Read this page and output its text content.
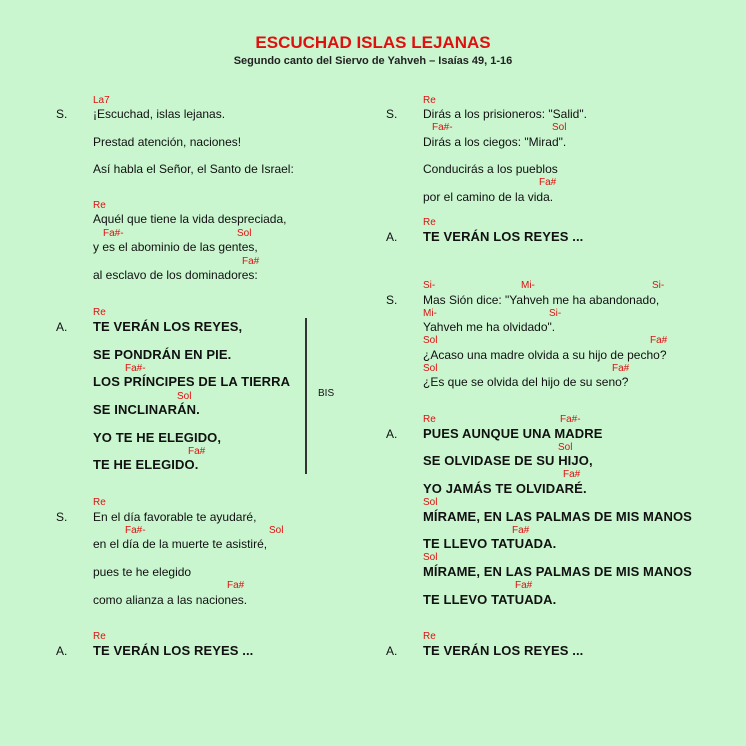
ESCUCHAD ISLAS LEJANAS
Segundo canto del Siervo de Yahveh – Isaías 49, 1-16
La7
S. ¡Escuchad, islas lejanas.
Prestad atención, naciones!
Así habla el Señor, el Santo de Israel:
Re
Aquél que tiene la vida despreciada,
Fa#-	Sol
y es el abominio de las gentes,
Fa#
al esclavo de los dominadores:
Re
A. TE VERÁN LOS REYES,
SE PONDRÁN EN PIE.
Fa#-
LOS PRÍNCIPES DE LA TIERRA
Sol
SE INCLINARÁN.
YO TE HE ELEGIDO,
Fa#
TE HE ELEGIDO.
BIS
Re
S. En el día favorable te ayudaré,
Fa#-	Sol
en el día de la muerte te asistiré,
pues te he elegido
Fa#
como alianza a las naciones.
Re
A. TE VERÁN LOS REYES ...
Re
S. Dirás a los prisioneros: "Salid".
Fa#-	Sol
Dirás a los ciegos: "Mirad".
Conducirás a los pueblos
Fa#
por el camino de la vida.
Re
A. TE VERÁN LOS REYES ...
Si-	Mi-	Si-
S. Mas Sión dice: "Yahveh me ha abandonado,
Mi-	Si-
Yahveh me ha olvidado".
Sol	Fa#
¿Acaso una madre olvida a su hijo de pecho?
Sol	Fa#
¿Es que se olvida del hijo de su seno?
Re	Fa#-
A. PUES AUNQUE UNA MADRE
Sol
SE OLVIDASE DE SU HIJO,
Fa#
YO JAMÁS TE OLVIDARÉ.
Sol
MÍRAME, EN LAS PALMAS DE MIS MANOS
Fa#
TE LLEVO TATUADA.
Sol
MÍRAME, EN LAS PALMAS DE MIS MANOS
Fa#
TE LLEVO TATUADA.
Re
A. TE VERÁN LOS REYES ...
